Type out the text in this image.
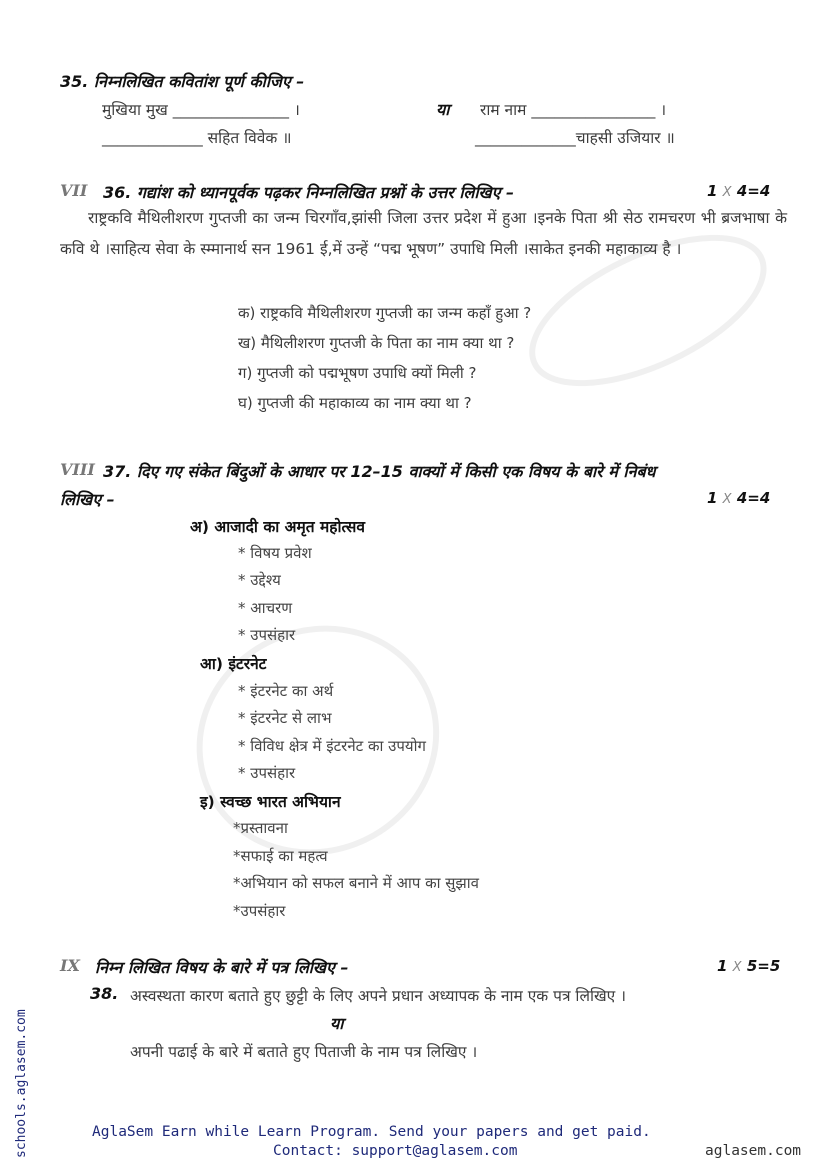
35. निम्नलिखित कवितांश पूर्ण कीजिए –
मुखिया मुख _______________ ।	या राम नाम ________________ ।
_____________ सहित विवेक ॥	_____________चाहसी उजियार ॥
VII 36. गद्यांश को ध्यानपूर्वक पढ़कर निम्नलिखित प्रश्नों के उत्तर लिखिए –	1 X 4=4
राष्ट्रकवि मैथिलीशरण गुप्तजी का जन्म चिरगाँव,झांसी जिला उत्तर प्रदेश में हुआ ।इनके पिता श्री सेठ रामचरण भी ब्रजभाषा के कवि थे ।साहित्य सेवा के स्म्मानार्थ सन 1961 ई,में उन्हें “पद्म भूषण” उपाधि मिली ।साकेत इनकी महाकाव्य है ।
क) राष्ट्रकवि मैथिलीशरण गुप्तजी का जन्म कहाँ हुआ ?
ख) मैथिलीशरण गुप्तजी के पिता का नाम क्या था ?
ग) गुप्तजी को पद्मभूषण उपाधि क्यों मिली ?
घ) गुप्तजी की महाकाव्य का नाम क्या था ?
VIII 37. दिए गए संकेत बिंदुओं के आधार पर 12–15 वाक्यों में किसी एक विषय के बारे में निबंध
लिखिए –	1 X 4=4
अ) आजादी का अमृत महोत्सव
* विषय प्रवेश
* उद्देश्य
* आचरण
* उपसंहार
आ) इंटरनेट
* इंटरनेट का अर्थ
* इंटरनेट से लाभ
* विविध क्षेत्र में इंटरनेट का उपयोग
* उपसंहार
इ) स्वच्छ भारत अभियान
*प्रस्तावना
*सफाई का महत्व
*अभियान को सफल बनाने में आप का सुझाव
*उपसंहार
IX निम्न लिखित विषय के बारे में पत्र लिखिए –	1 X 5=5
38. अस्वस्थता कारण बताते हुए छुट्टी के लिए अपने प्रधान अध्यापक के नाम एक पत्र लिखिए ।
या
अपनी पढाई के बारे में बताते हुए पिताजी के नाम पत्र लिखिए ।
schools.aglasem.com	AglaSem Earn while Learn Program. Send your papers and get paid.
Contact: support@aglasem.com	aglasem.com
